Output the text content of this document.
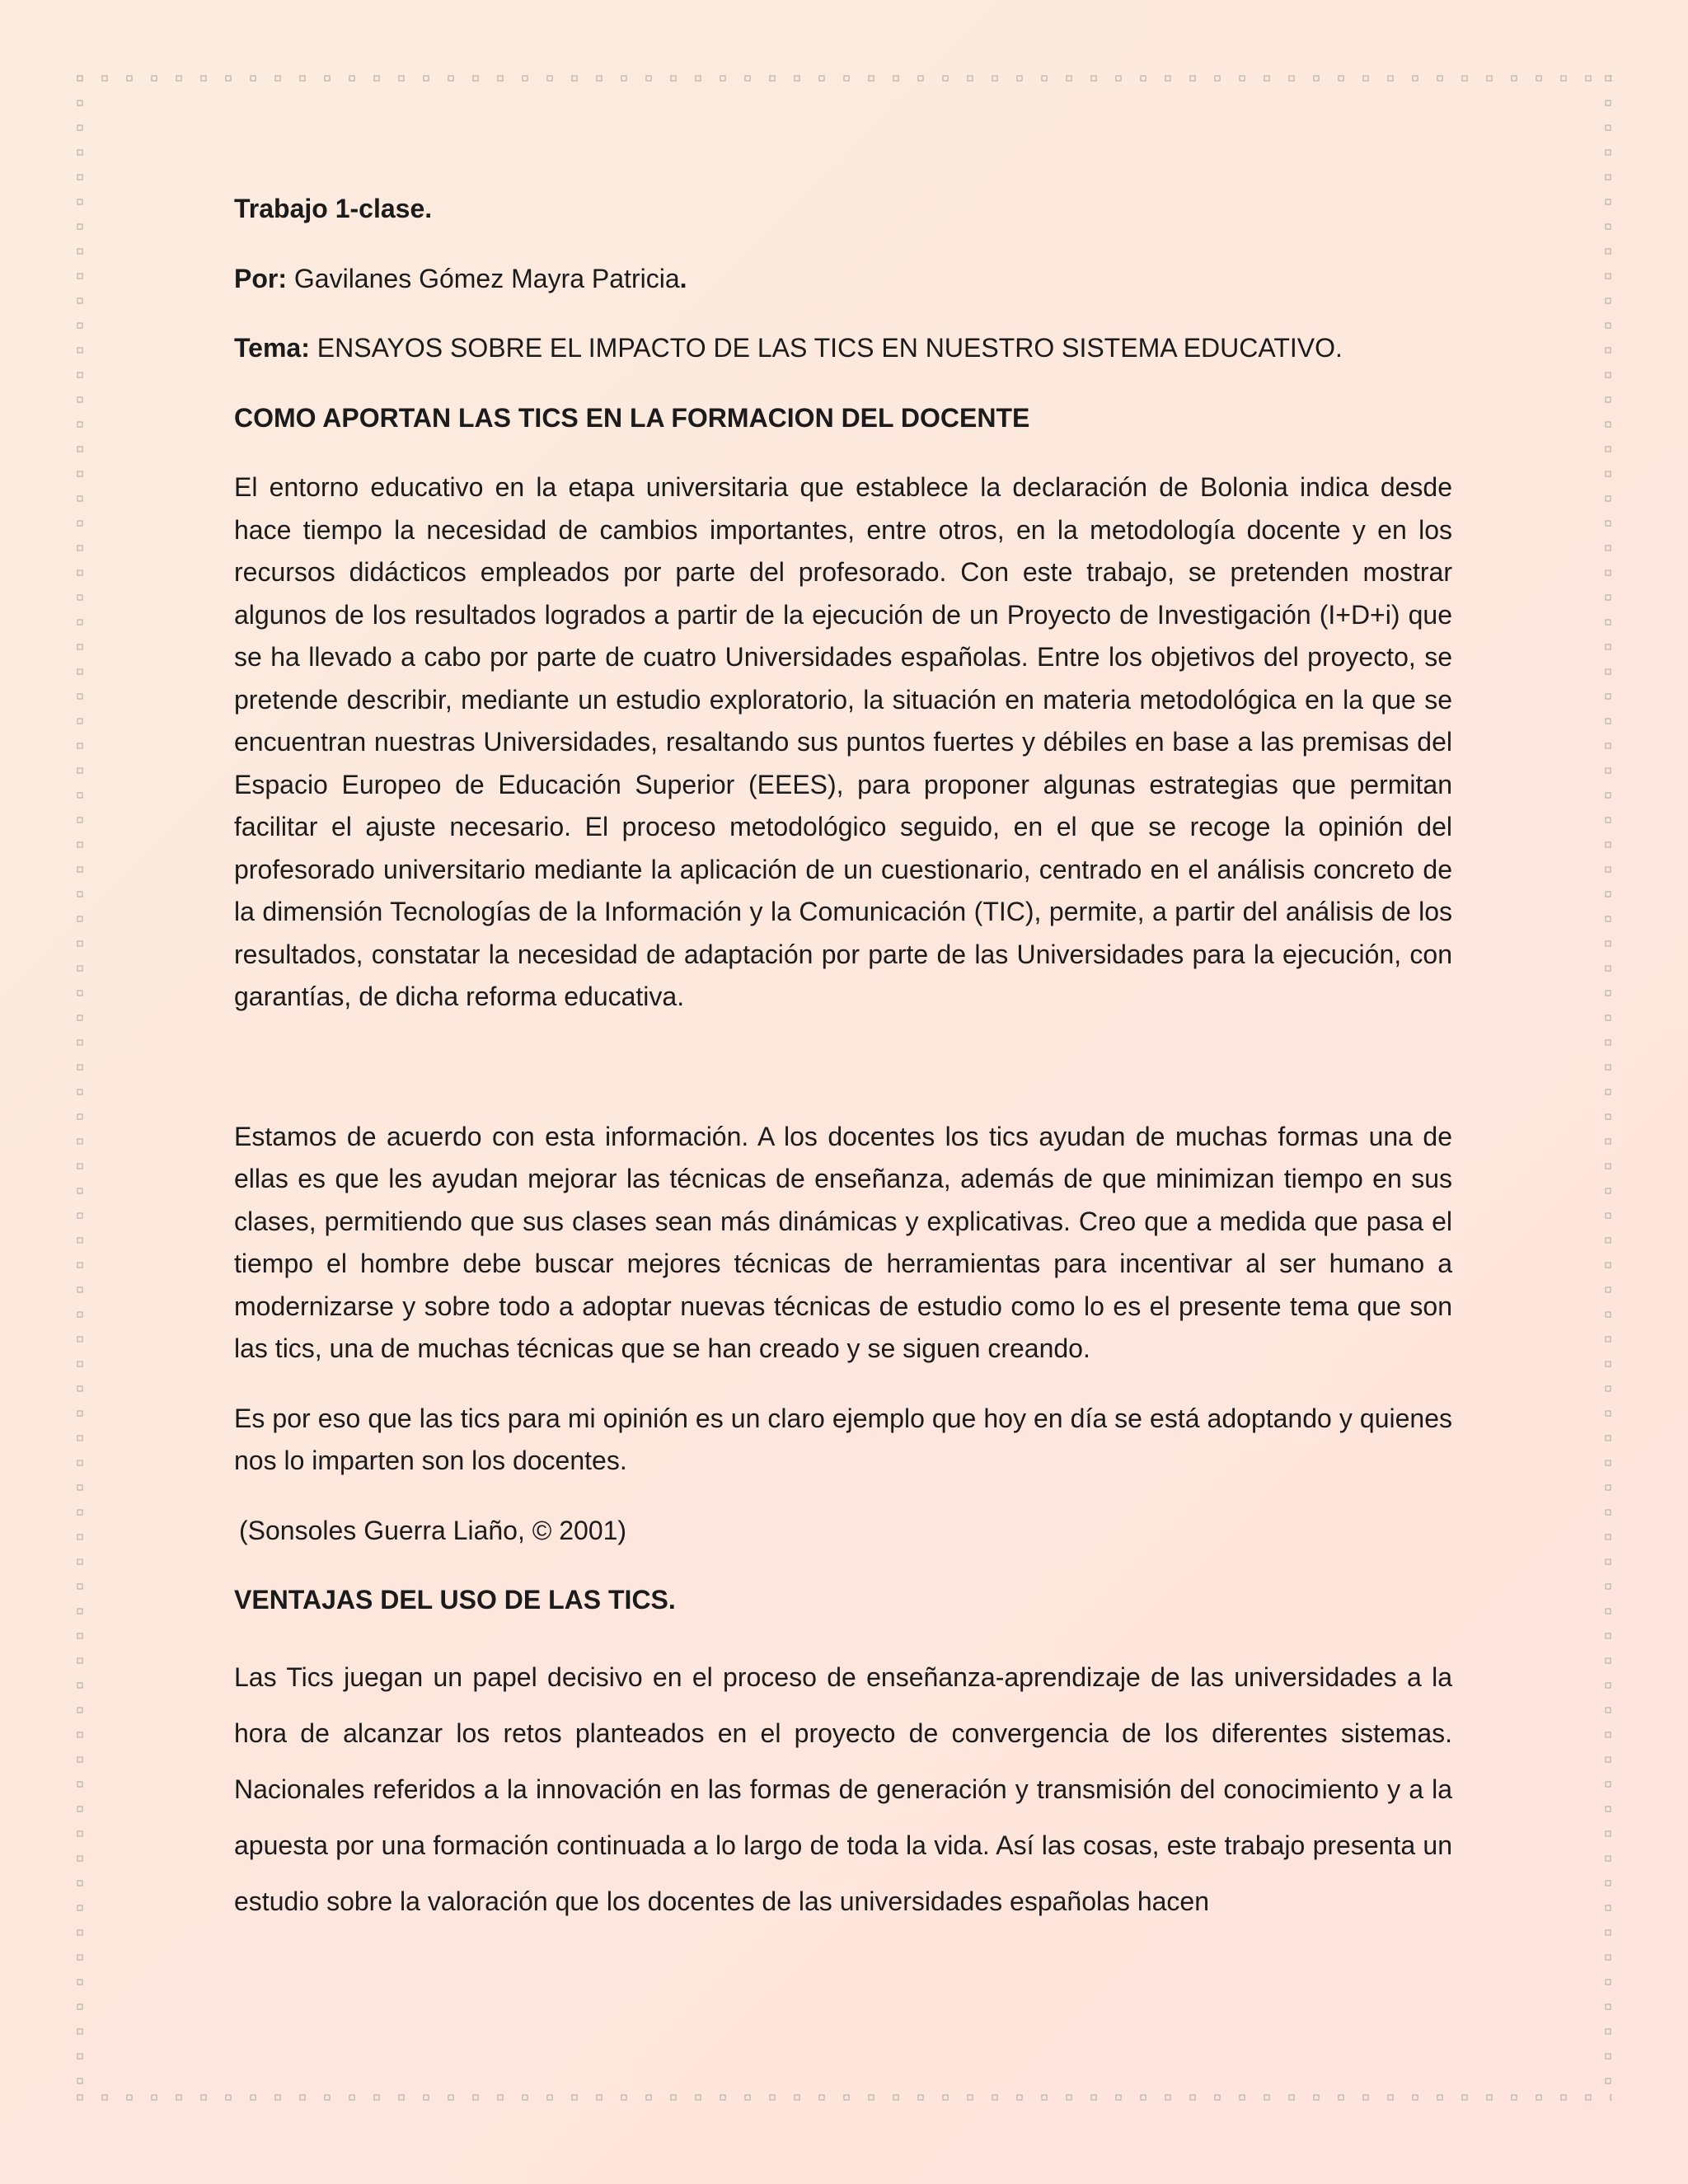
Trabajo 1-clase.
Por: Gavilanes Gómez Mayra Patricia.
Tema: ENSAYOS SOBRE EL IMPACTO DE LAS TICS EN NUESTRO SISTEMA EDUCATIVO.
COMO APORTAN LAS TICS EN LA FORMACION DEL DOCENTE

El entorno educativo en la etapa universitaria que establece la declaración de Bolonia indica desde hace tiempo la necesidad de cambios importantes, entre otros, en la metodología docente y en los recursos didácticos empleados por parte del profesorado. Con este trabajo, se pretenden mostrar algunos de los resultados logrados a partir de la ejecución de un Proyecto de Investigación (I+D+i) que se ha llevado a cabo por parte de cuatro Universidades españolas. Entre los objetivos del proyecto, se pretende describir, mediante un estudio exploratorio, la situación en materia metodológica en la que se encuentran nuestras Universidades, resaltando sus puntos fuertes y débiles en base a las premisas del Espacio Europeo de Educación Superior (EEES), para proponer algunas estrategias que permitan facilitar el ajuste necesario. El proceso metodológico seguido, en el que se recoge la opinión del profesorado universitario mediante la aplicación de un cuestionario, centrado en el análisis concreto de la dimensión Tecnologías de la Información y la Comunicación (TIC), permite, a partir del análisis de los resultados, constatar la necesidad de adaptación por parte de las Universidades para la ejecución, con garantías, de dicha reforma educativa.

Estamos de acuerdo con esta información. A los docentes los tics ayudan de muchas formas una de ellas es que les ayudan mejorar las técnicas de enseñanza, además de que minimizan tiempo en sus clases, permitiendo que sus clases sean más dinámicas y explicativas. Creo que a medida que pasa el tiempo el hombre debe buscar mejores técnicas de herramientas para incentivar al ser humano a modernizarse y sobre todo a adoptar nuevas técnicas de estudio como lo es el presente tema que son las tics, una de muchas técnicas que se han creado y se siguen creando.

Es por eso que las tics para mi opinión es un claro ejemplo que hoy en día se está adoptando y quienes nos lo imparten son los docentes.

(Sonsoles Guerra Liaño, © 2001)
VENTAJAS DEL USO DE LAS TICS.

Las Tics juegan un papel decisivo en el proceso de enseñanza-aprendizaje de las universidades a la hora de alcanzar los retos planteados en el proyecto de convergencia de los diferentes sistemas. Nacionales referidos a la innovación en las formas de generación y transmisión del conocimiento y a la apuesta por una formación continuada a lo largo de toda la vida. Así las cosas, este trabajo presenta un estudio sobre la valoración que los docentes de las universidades españolas hacen
